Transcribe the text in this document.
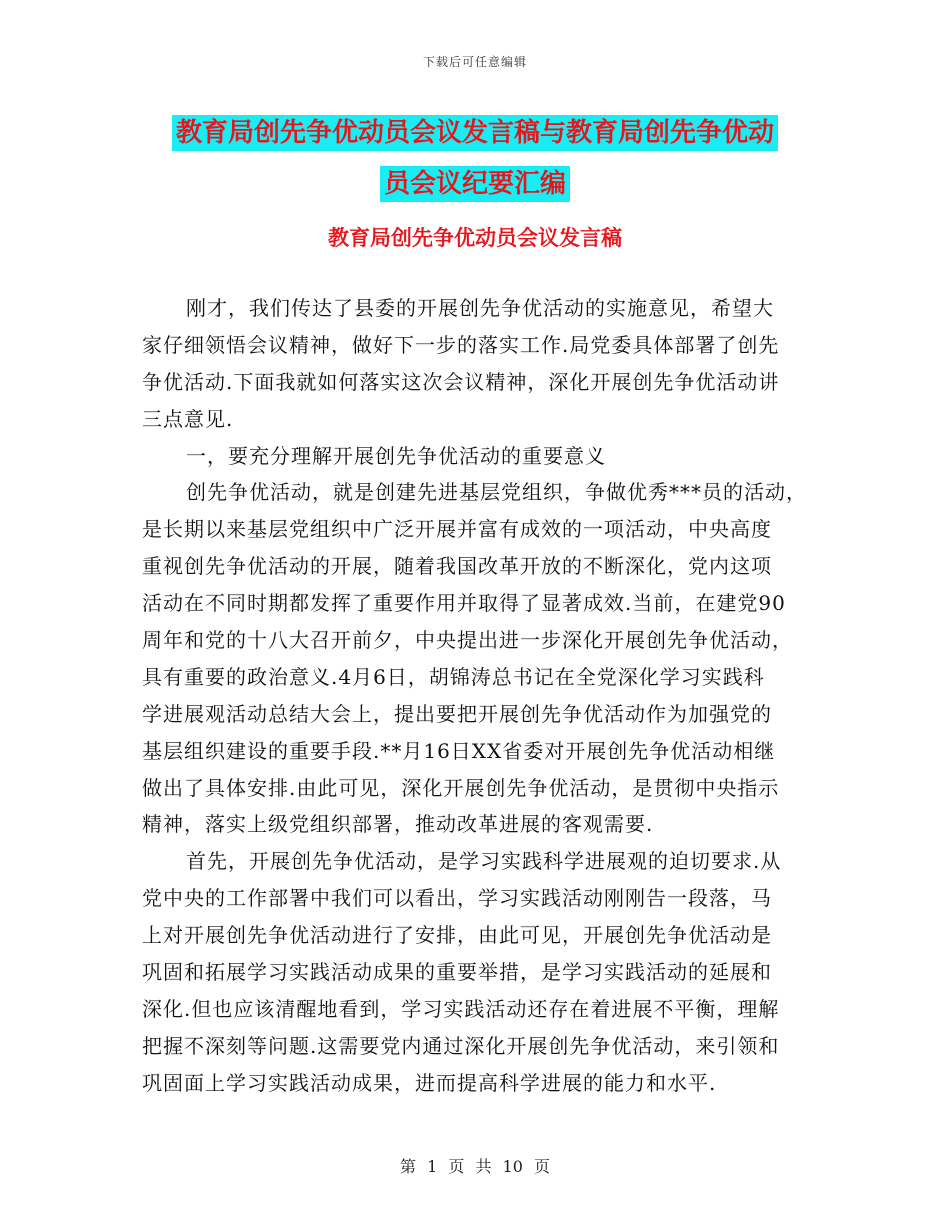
下载后可任意编辑
教育局创先争优动员会议发言稿与教育局创先争优动
员会议纪要汇编
教育局创先争优动员会议发言稿
刚才，我们传达了县委的开展创先争优活动的实施意见，希望大
家仔细领悟会议精神，做好下一步的落实工作.局党委具体部署了创先
争优活动.下面我就如何落实这次会议精神，深化开展创先争优活动讲
三点意见.
一，要充分理解开展创先争优活动的重要意义
创先争优活动，就是创建先进基层党组织，争做优秀***员的活动，
是长期以来基层党组织中广泛开展并富有成效的一项活动，中央高度
重视创先争优活动的开展，随着我国改革开放的不断深化，党内这项
活动在不同时期都发挥了重要作用并取得了显著成效.当前，在建党90
周年和党的十八大召开前夕，中央提出进一步深化开展创先争优活动，
具有重要的政治意义.4月6日，胡锦涛总书记在全党深化学习实践科
学进展观活动总结大会上，提出要把开展创先争优活动作为加强党的
基层组织建设的重要手段.**月16日XX省委对开展创先争优活动相继
做出了具体安排.由此可见，深化开展创先争优活动，是贯彻中央指示
精神，落实上级党组织部署，推动改革进展的客观需要.
首先，开展创先争优活动，是学习实践科学进展观的迫切要求.从
党中央的工作部署中我们可以看出，学习实践活动刚刚告一段落，马
上对开展创先争优活动进行了安排，由此可见，开展创先争优活动是
巩固和拓展学习实践活动成果的重要举措，是学习实践活动的延展和
深化.但也应该清醒地看到，学习实践活动还存在着进展不平衡，理解
把握不深刻等问题.这需要党内通过深化开展创先争优活动，来引领和
巩固面上学习实践活动成果，进而提高科学进展的能力和水平.
第 1 页 共 10 页
